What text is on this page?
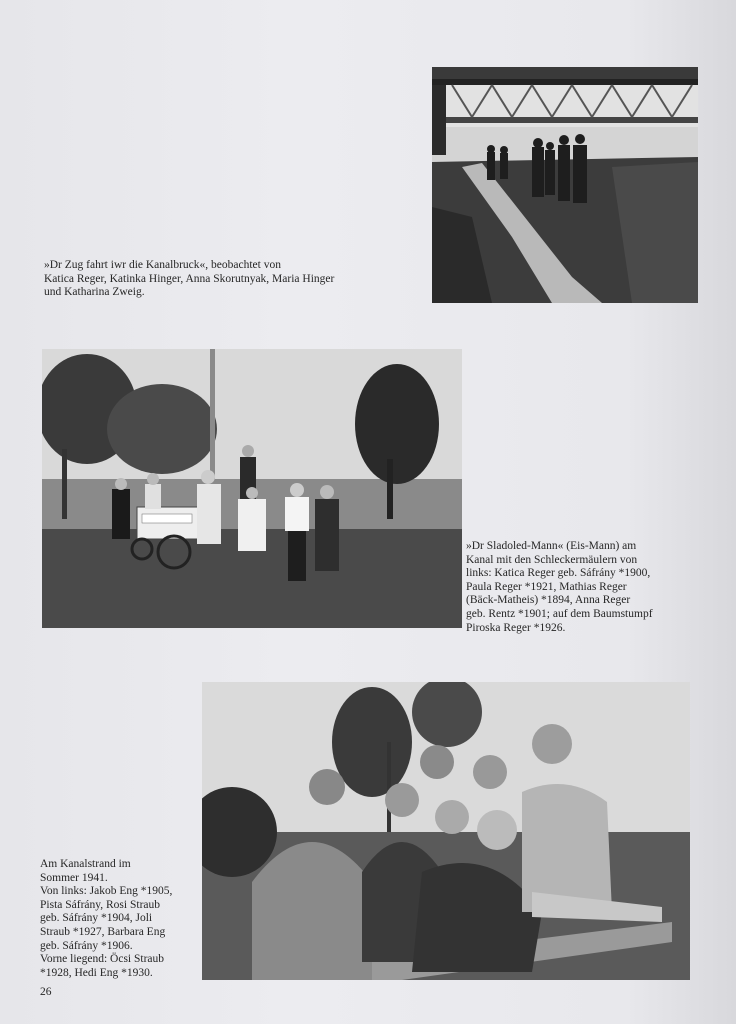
»Dr Zug fahrt iwr die Kanalbruck«, beobachtet von
Katica Reger, Katinka Hinger, Anna Skorutnyak, Maria Hinger
und Katharina Zweig.
»Dr Sladoled-Mann« (Eis-Mann) am
Kanal mit den Schleckermäulern von
links: Katica Reger geb. Sáfrány *1900,
Paula Reger *1921, Mathias Reger
(Bäck-Matheis) *1894, Anna Reger
geb. Rentz *1901; auf dem Baumstumpf
Piroska Reger *1926.
Am Kanalstrand im
Sommer 1941.
Von links: Jakob Eng *1905,
Pista Sáfrány, Rosi Straub
geb. Sáfrány *1904, Joli
Straub *1927, Barbara Eng
geb. Sáfrány *1906.
Vorne liegend: Öcsi Straub
*1928, Hedi Eng *1930.
26
